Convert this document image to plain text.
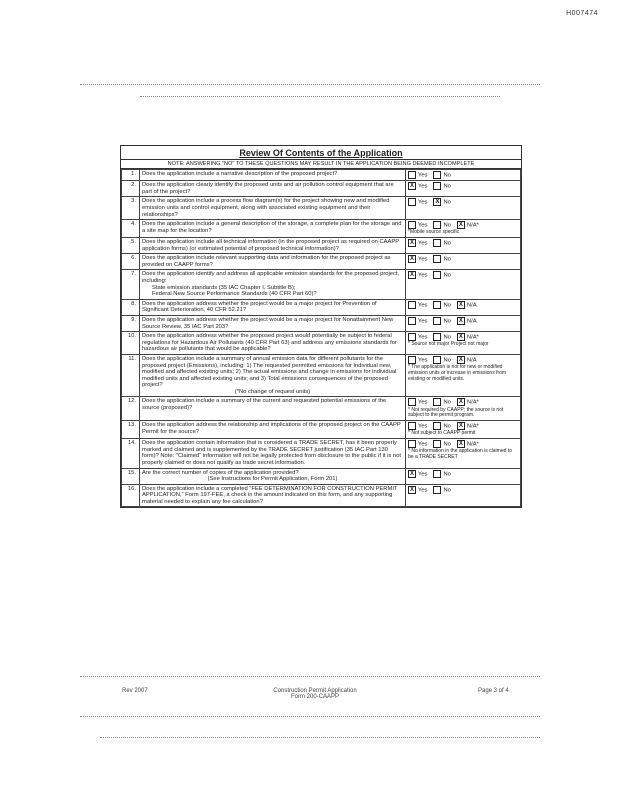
H007474
Review Of Contents of the Application
NOTE: ANSWERING "NO" TO THESE QUESTIONS MAY RESULT IN THE APPLICATION BEING DEEMED INCOMPLETE
1.	Does the application include a narrative description of the proposed project?	Yes No
2.	Does the application clearly identify the proposed units and air pollution control equipment that are part of the project?	X Yes No
3.	Does the application include a process flow diagram(s) for the project showing new and modified emission units and control equipment, along with associated existing equipment and their relationships?	Yes X No
4.	Does the application include a general description of the storage, a complete plan for the storage and a site map for the location?	Yes No X N/A*
*Mobile source specific

5.	Does the application include all technical information (in the proposed project as required on CAAPP application forms) (or estimated potential of proposed technical information)?	X Yes No
6.	Does the application include relevant supporting data and information for the proposed project as provided on CAAPP forms?	X Yes No
7.	Does the application identify and address all applicable emission standards for the proposed project, including:
State emission standards (35 IAC Chapter I, Subtitle B);
Federal New Source Performance Standards (40 CFR Part 60)?	X Yes No
8.	Does the application address whether the project would be a major project for Prevention of Significant Deterioration, 40 CFR 52.21?	Yes No X N/A
9.	Does the application address whether the project would be a major project for Nonattainment New Source Review, 35 IAC Part 203?	Yes No X N/A
10.	Does the application address whether the proposed project would potentially be subject to federal regulations for Hazardous Air Pollutants (40 CFR Part 63) and address any emissions standards for hazardous air pollutants that would be applicable?	Yes No X N/A*
* Source not major Project not major

11.	Does the application include a summary of annual emission data for different pollutants for the proposed project (Emissions), including: 1) The requested permitted emissions for individual new, modified and affected existing units; 2) The actual emissions and change in emissions for individual modified units and affected existing units; and 3) Total emissions consequences of the proposed project?
(*No change of request units)	Yes No X N/A
* The application is not for new or modified emission units or increase in emissions from existing or modified units.

12.	Does the application include a summary of the current and requested potential emissions of the source (proposed)?	Yes No X N/A*
* Not required by CAAPP; the source is not subject to the permit program.

13.	Does the application address the relationship and implications of the proposed project on the CAAPP Permit for the source?	Yes No X N/A*
* Not subject to CAAPP permit

14.	Does the application contain information that is considered a TRADE SECRET, has it been properly marked and claimed and is supplemented by the TRADE SECRET justification (35 IAC Part 130 form)? Note: "Claimed" information will not be legally protected from disclosure to the public if it is not properly claimed or does not qualify as trade secret information.	Yes No X N/A*
* No information in the application is claimed to be a TRADE SECRET

15.	Are the correct number of copies of the application provided?
(See Instructions for Permit Application, Form 201)	X Yes No
16.	Does the application include a completed "FEE DETERMINATION FOR CONSTRUCTION PERMIT APPLICATION," Form 197-FEE, a check in the amount indicated on this form, and any supporting material needed to explain any fee calculation?	X Yes No
Rev 2007	Construction Permit Application
Form 200-CAAPP
Page 3 of 4
